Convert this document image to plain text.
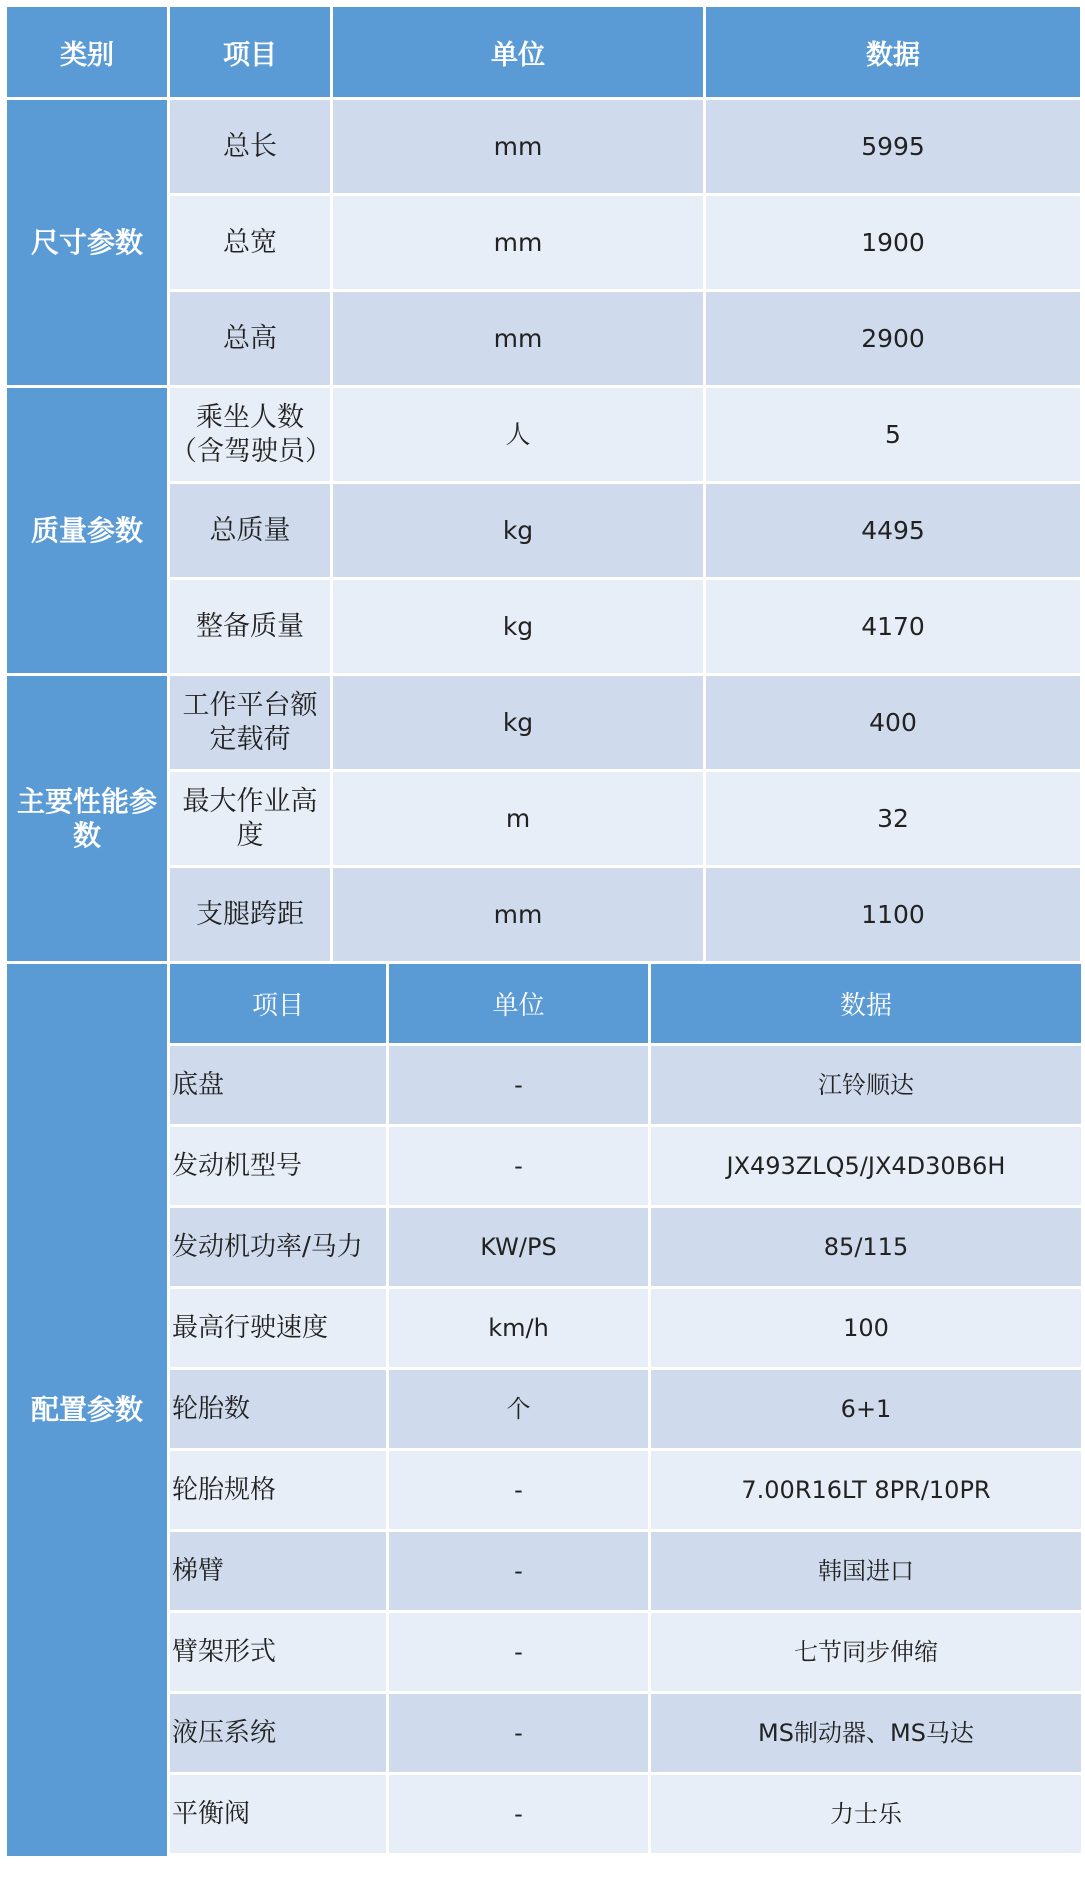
类别	项目	单位	数据
尺寸参数	总长	mm	5995
总宽	mm	1900
总高	mm	2900
质量参数	乘坐人数（含驾驶员）	人	5
总质量	kg	4495
整备质量	kg	4170
主要性能参数	工作平台额定载荷	kg	400
最大作业高度	m	32
支腿跨距	mm	1100
配置参数	
项目	单位	数据
底盘	-	江铃顺达
发动机型号	-	JX493ZLQ5/JX4D30B6H
发动机功率/马力	KW/PS	85/115
最高行驶速度	km/h	100
轮胎数	个	6+1
轮胎规格	-	7.00R16LT 8PR/10PR
梯臂	-	韩国进口
臂架形式	-	七节同步伸缩
液压系统	-	MS制动器、MS马达
平衡阀	-	力士乐
